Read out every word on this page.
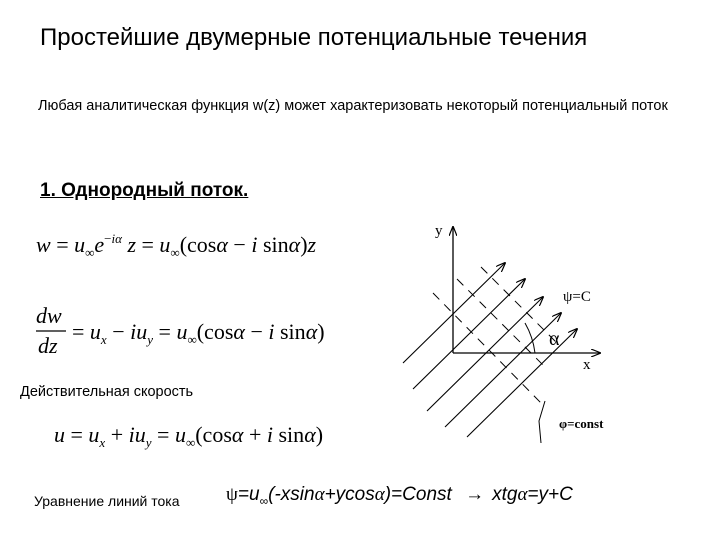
Простейшие двумерные потенциальные течения
Любая аналитическая функция w(z) может характеризовать некоторый потенциальный поток
1. Однородный поток.
$w = u_\infty e^-i\alpha$ $z = u_\infty(\cos\alpha - i$ sinα)z
dw
dz
= $u_x - iu_y = u_\infty(\cos\alpha - i$ sinα)
Действительная скорость
$u = u_x + iu_y = u_\infty(\cos\alpha + i$ sinα)
Уравнение линий тока $\psi=u_\infty(-xsin\alpha+ycos\alpha)=Const \to xtg\alpha=y+C$
y
x
α
ψ=C
φ=const
